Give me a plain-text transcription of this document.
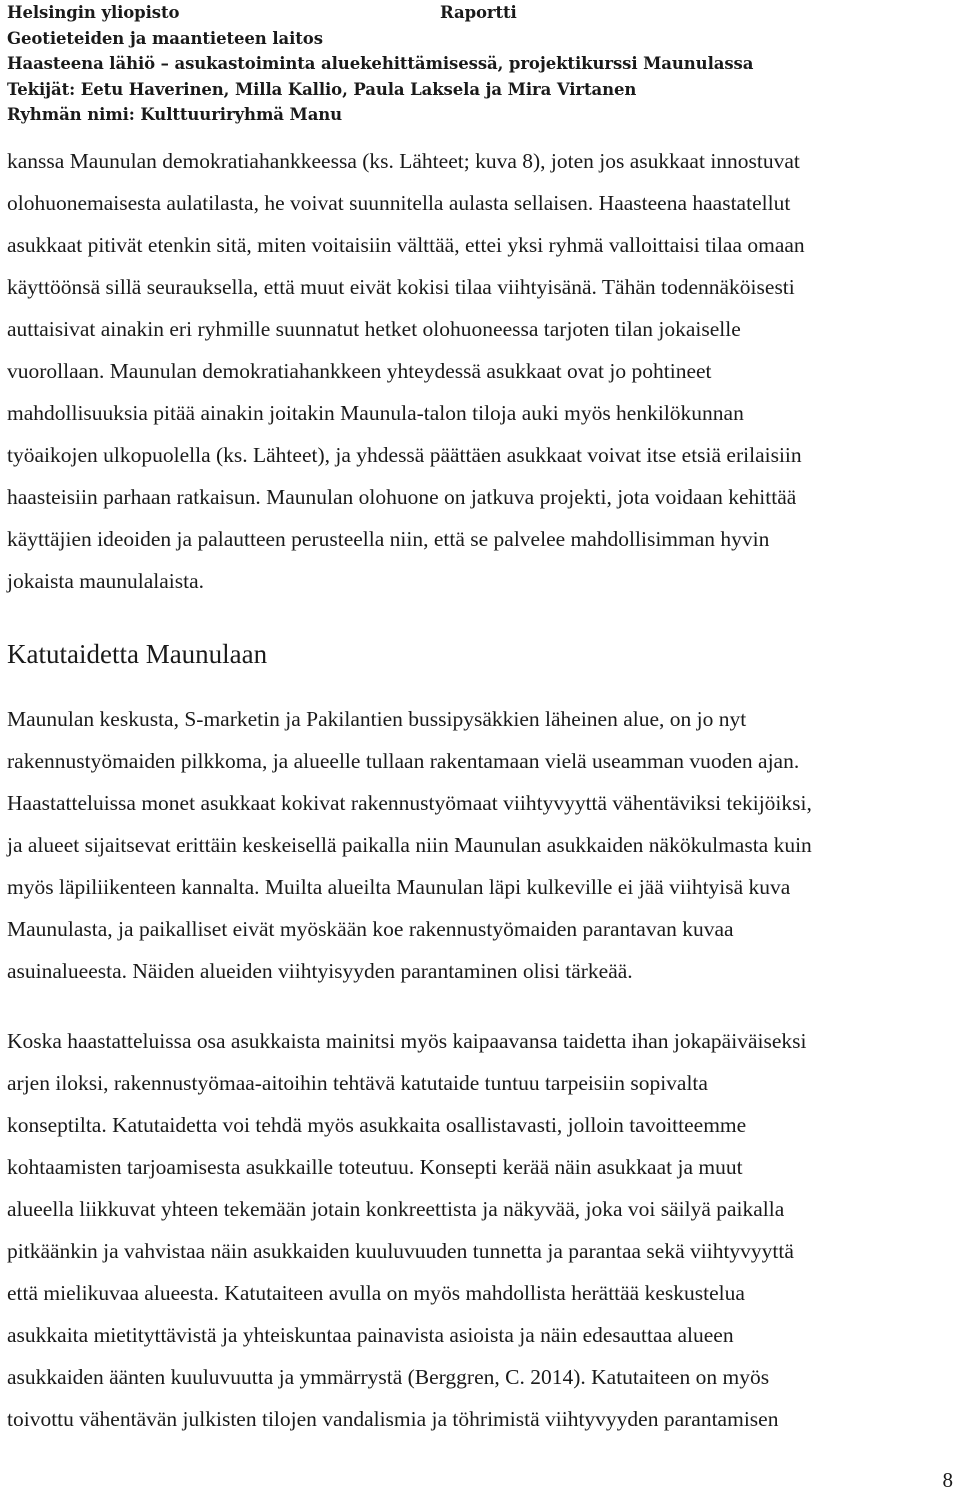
Helsingin yliopisto	Raportti
Geotieteiden ja maantieteen laitos
Haasteena lähiö – asukastoiminta aluekehittämisessä, projektikurssi Maunulassa
Tekijät: Eetu Haverinen, Milla Kallio, Paula Laksela ja Mira Virtanen
Ryhmän nimi: Kulttuuriryhmä Manu
kanssa Maunulan demokratiahankkeessa (ks. Lähteet; kuva 8), joten jos asukkaat innostuvat
olohuonemaisesta aulatilasta, he voivat suunnitella aulasta sellaisen. Haasteena haastatellut
asukkaat pitivät etenkin sitä, miten voitaisiin välttää, ettei yksi ryhmä valloittaisi tilaa omaan
käyttöönsä sillä seurauksella, että muut eivät kokisi tilaa viihtyisänä. Tähän todennäköisesti
auttaisivat ainakin eri ryhmille suunnatut hetket olohuoneessa tarjoten tilan jokaiselle
vuorollaan. Maunulan demokratiahankkeen yhteydessä asukkaat ovat jo pohtineet
mahdollisuuksia pitää ainakin joitakin Maunula-talon tiloja auki myös henkilökunnan
työaikojen ulkopuolella (ks. Lähteet), ja yhdessä päättäen asukkaat voivat itse etsiä erilaisiin
haasteisiin parhaan ratkaisun. Maunulan olohuone on jatkuva projekti, jota voidaan kehittää
käyttäjien ideoiden ja palautteen perusteella niin, että se palvelee mahdollisimman hyvin
jokaista maunulalaista.
Katutaidetta Maunulaan
Maunulan keskusta, S-marketin ja Pakilantien bussipysäkkien läheinen alue, on jo nyt
rakennustyömaiden pilkkoma, ja alueelle tullaan rakentamaan vielä useamman vuoden ajan.
Haastatteluissa monet asukkaat kokivat rakennustyömaat viihtyvyyttä vähentäviksi tekijöiksi,
ja alueet sijaitsevat erittäin keskeisellä paikalla niin Maunulan asukkaiden näkökulmasta kuin
myös läpiliikenteen kannalta. Muilta alueilta Maunulan läpi kulkeville ei jää viihtyisä kuva
Maunulasta, ja paikalliset eivät myöskään koe rakennustyömaiden parantavan kuvaa
asuinalueesta. Näiden alueiden viihtyisyyden parantaminen olisi tärkeää.
Koska haastatteluissa osa asukkaista mainitsi myös kaipaavansa taidetta ihan jokapäiväiseksi
arjen iloksi, rakennustyömaa-aitoihin tehtävä katutaide tuntuu tarpeisiin sopivalta
konseptilta. Katutaidetta voi tehdä myös asukkaita osallistavasti, jolloin tavoitteemme
kohtaamisten tarjoamisesta asukkaille toteutuu. Konsepti kerää näin asukkaat ja muut
alueella liikkuvat yhteen tekemään jotain konkreettista ja näkyvää, joka voi säilyä paikalla
pitkäänkin ja vahvistaa näin asukkaiden kuuluvuuden tunnetta ja parantaa sekä viihtyvyyttä
että mielikuvaa alueesta. Katutaiteen avulla on myös mahdollista herättää keskustelua
asukkaita mietityttävistä ja yhteiskuntaa painavista asioista ja näin edesauttaa alueen
asukkaiden äänten kuuluvuutta ja ymmärrystä (Berggren, C. 2014). Katutaiteen on myös
toivottu vähentävän julkisten tilojen vandalismia ja töhrimistä viihtyvyyden parantamisen
8
